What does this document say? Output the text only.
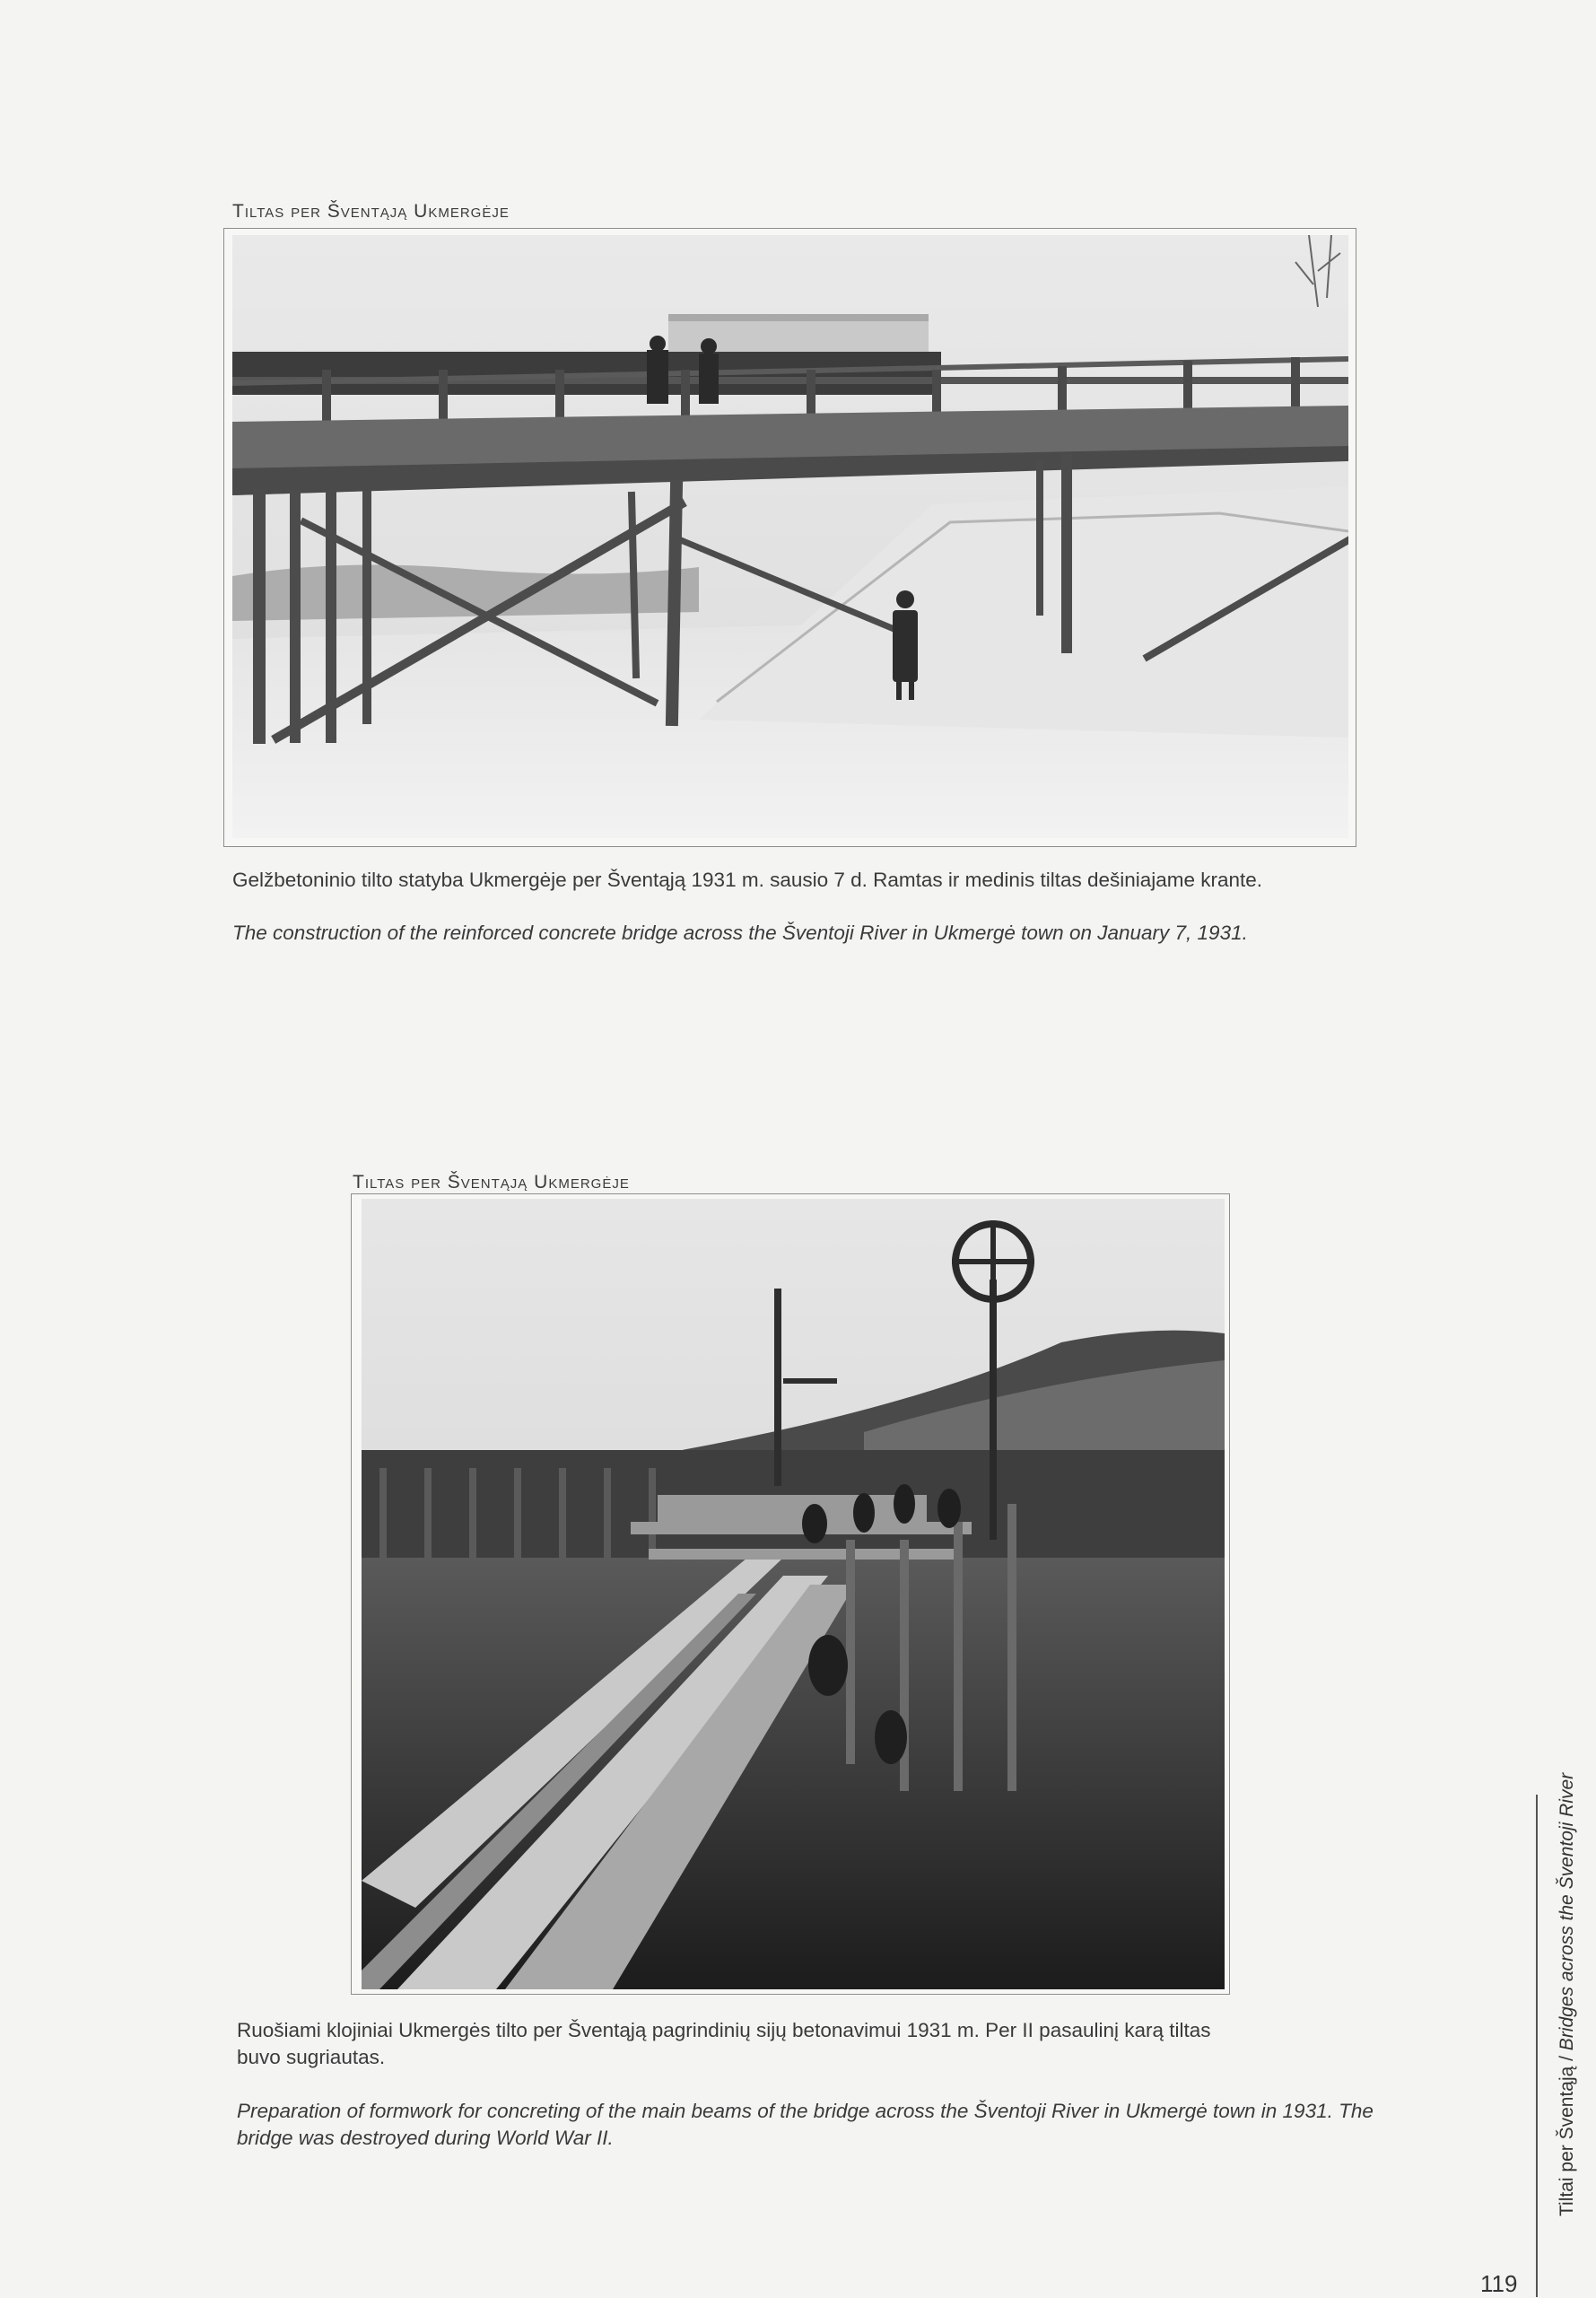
Tiltas per Šventąją Ukmergėje

Gelžbetoninio tilto statyba Ukmergėje per Šventąją 1931 m. sausio 7 d. Ramtas ir medinis tiltas dešiniajame krante.

The construction of the reinforced concrete bridge across the Šventoji River in Ukmergė town on January 7, 1931.

Tiltas per Šventąją Ukmergėje

Ruošiami klojiniai Ukmergės tilto per Šventąją pagrindinių sijų betonavimui 1931 m. Per II pasaulinį karą tiltas buvo sugriautas.

Preparation of formwork for concreting of the main beams of the bridge across the Šventoji River in Ukmergė town in 1931. The bridge was destroyed during World War II.	Tiltai per Šventąją / Bridges across the Šventoji River

119
